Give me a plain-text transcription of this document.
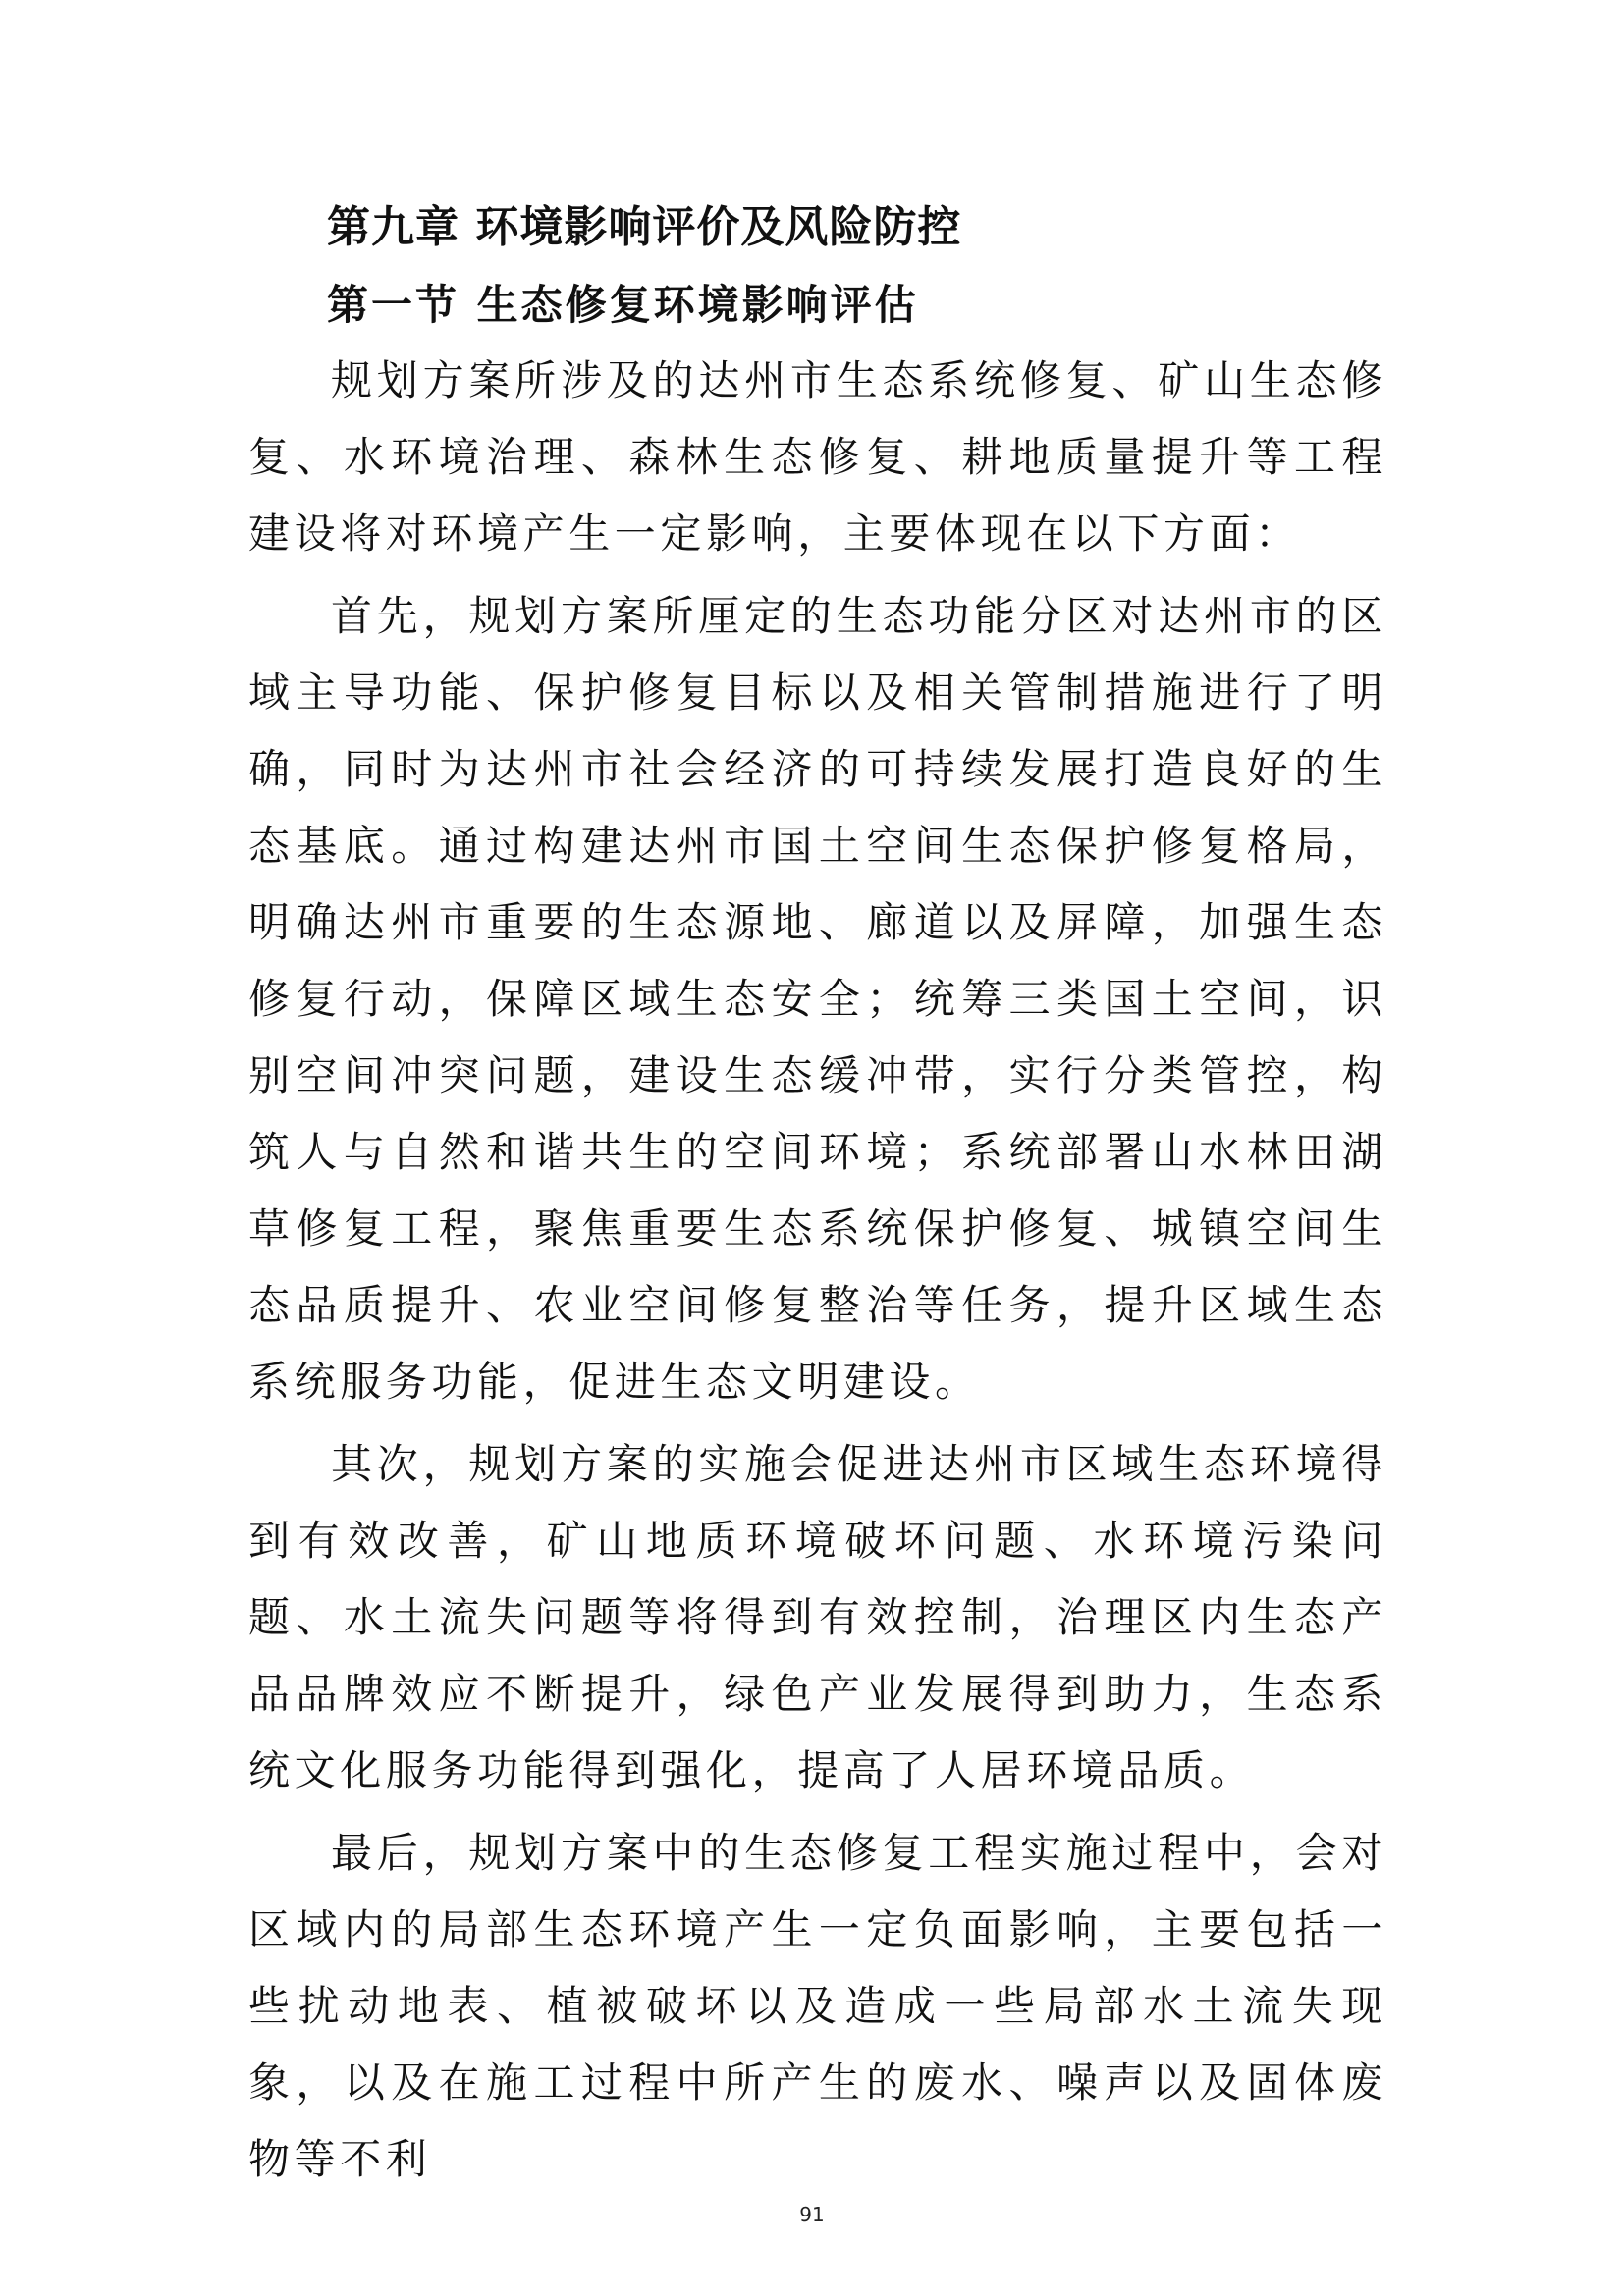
第九章 环境影响评价及风险防控
第一节 生态修复环境影响评估

规划方案所涉及的达州市生态系统修复、矿山生态修复、水环境治理、森林生态修复、耕地质量提升等工程建设将对环境产生一定影响，主要体现在以下方面：

首先，规划方案所厘定的生态功能分区对达州市的区域主导功能、保护修复目标以及相关管制措施进行了明确，同时为达州市社会经济的可持续发展打造良好的生态基底。通过构建达州市国土空间生态保护修复格局，明确达州市重要的生态源地、廊道以及屏障，加强生态修复行动，保障区域生态安全；统筹三类国土空间，识别空间冲突问题，建设生态缓冲带，实行分类管控，构筑人与自然和谐共生的空间环境；系统部署山水林田湖草修复工程，聚焦重要生态系统保护修复、城镇空间生态品质提升、农业空间修复整治等任务，提升区域生态系统服务功能，促进生态文明建设。

其次，规划方案的实施会促进达州市区域生态环境得到有效改善，矿山地质环境破坏问题、水环境污染问题、水土流失问题等将得到有效控制，治理区内生态产品品牌效应不断提升，绿色产业发展得到助力，生态系统文化服务功能得到强化，提高了人居环境品质。

最后，规划方案中的生态修复工程实施过程中，会对区域内的局部生态环境产生一定负面影响，主要包括一些扰动地表、植被破坏以及造成一些局部水土流失现象，以及在施工过程中所产生的废水、噪声以及固体废物等不利

91
